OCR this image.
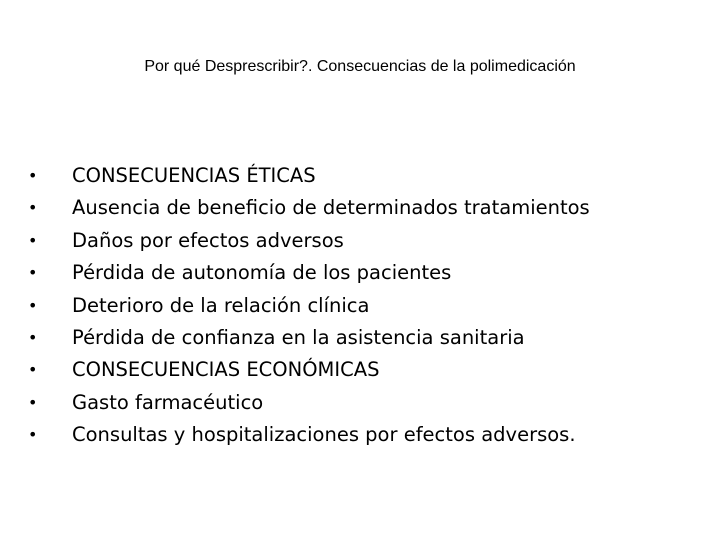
Por qué Desprescribir?. Consecuencias de la polimedicación
• CONSECUENCIAS ÉTICAS
• Ausencia de beneficio de determinados tratamientos
• Daños por efectos adversos
• Pérdida de autonomía de los pacientes
• Deterioro de la relación clínica
• Pérdida de confianza en la asistencia sanitaria
• CONSECUENCIAS ECONÓMICAS
• Gasto farmacéutico
• Consultas y hospitalizaciones por efectos adversos.
